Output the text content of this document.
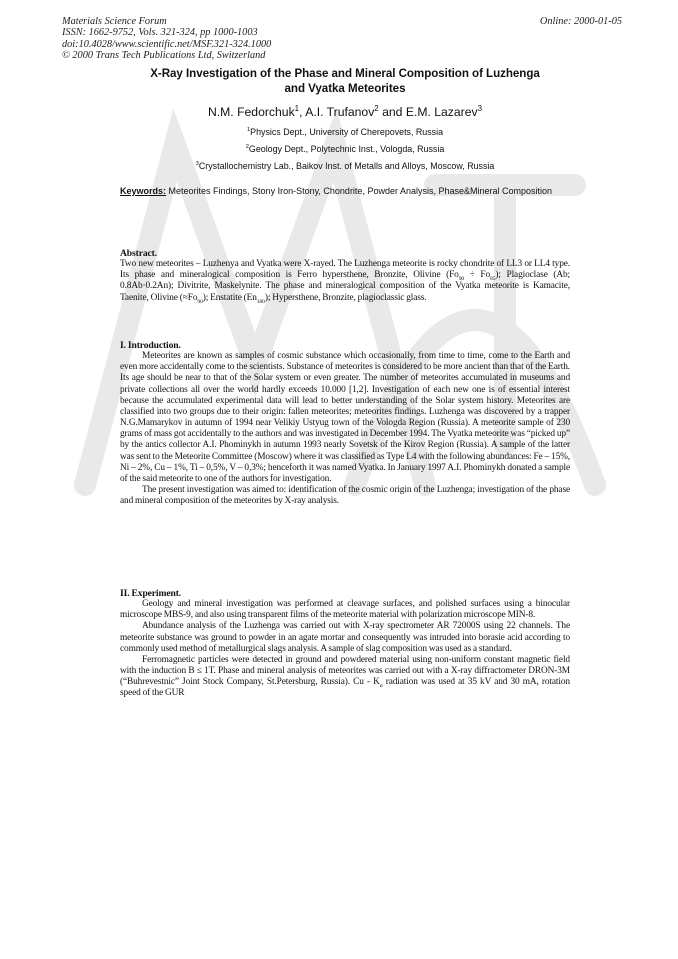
Materials Science Forum
ISSN: 1662-9752, Vols. 321-324, pp 1000-1003
doi:10.4028/www.scientific.net/MSF.321-324.1000
© 2000 Trans Tech Publications Ltd, Switzerland
Online: 2000-01-05
X-Ray Investigation of the Phase and Mineral Composition of Luzhenga
and Vyatka Meteorites
N.M. Fedorchuk$^1$, A.I. Trufanov$^2$ and E.M. Lazarev$^3$
$^1$Physics Dept., University of Cherepovets, Russia
$^2$Geology Dept., Polytechnic Inst., Vologda, Russia
$^3$Crystallochemistry Lab., Baikov Inst. of Metalls and Alloys, Moscow, Russia
Keywords: Meteorites Findings, Stony Iron-Stony, Chondrite, Powder Analysis, Phase&Mineral Composition
Abstract.

Two new meteorites – Luzhenya and Vyatka were X-rayed. The Luzhenga meteorite is rocky chondrite of LL3 or LL4 type. Its phase and mineralogical composition is Ferro hypersthene, Bronzite, Olivine $(Fo_{90} \div Fo_{85})$; Plagioclase (Ab; 0.8Ab·0.2An); Divitrite, Maskelynite. The phase and mineralogical composition of the Vyatka meteorite is Kamacite, Taenite, Olivine $(\approx Fo_{90})$; Enstatite $(En_{100})$; Hypersthene, Bronzite, plagioclassic glass.

I. Introduction.

Meteorites are known as samples of cosmic substance which occasionally, from time to time, come to the Earth and even more accidentally come to the scientists. Substance of meteorites is considered to be more ancient than that of the Earth. Its age should be near to that of the Solar system or even greater. The number of meteorites accumulated in museums and private collections all over the world hardly exceeds 10.000 [1,2]. Investigation of each new one is of essential interest because the accumulated experimental data will lead to better understanding of the Solar system history. Meteorites are classified into two groups due to their origin: fallen meteorites; meteorites findings. Luzhenga was discovered by a trapper N.G.Mamarykov in autumn of 1994 near Velikiy Ustyug town of the Vologda Region (Russia). A meteorite sample of 230 grams of mass got accidentally to the authors and was investigated in December 1994. The Vyatka meteorite was “picked up” by the antics collector A.I. Phominykh in autumn 1993 nearly Sovetsk of the Kirov Region (Russia). A sample of the latter was sent to the Meteorite Committee (Moscow) where it was classified as Type L4 with the following abundances: Fe – 15%, Ni – 2%, Cu – 1%, Ti – 0,5%, V – 0,3%; henceforth it was named Vyatka. In January 1997 A.I. Phominykh donated a sample of the said meteorite to one of the authors for investigation.

The present investigation was aimed to: identification of the cosmic origin of the Luzhenga; investigation of the phase and mineral composition of the meteorites by X-ray analysis.

II. Experiment.

Geology and mineral investigation was performed at cleavage surfaces, and polished surfaces using a binocular microscope MBS-9, and also using transparent films of the meteorite material with polarization microscope MIN-8.

Abundance analysis of the Luzhenga was carried out with X-ray spectrometer AR 72000S using 22 channels. The meteorite substance was ground to powder in an agate mortar and consequently was intruded into borasie acid according to commonly used method of metallurgical slags analysis. A sample of slag composition was used as a standard.

Ferromagnetic particles were detected in ground and powdered material using non-uniform constant magnetic field with the induction B ≤ 1T. Phase and mineral analysis of meteorites was carried out with a X-ray diffractometer DRON-3M (“Buhrevestnic” Joint Stock Company, St.Petersburg, Russia). Cu - $K_\alpha$ radiation was used at 35 kV and 30 mA, rotation speed of the GUR
